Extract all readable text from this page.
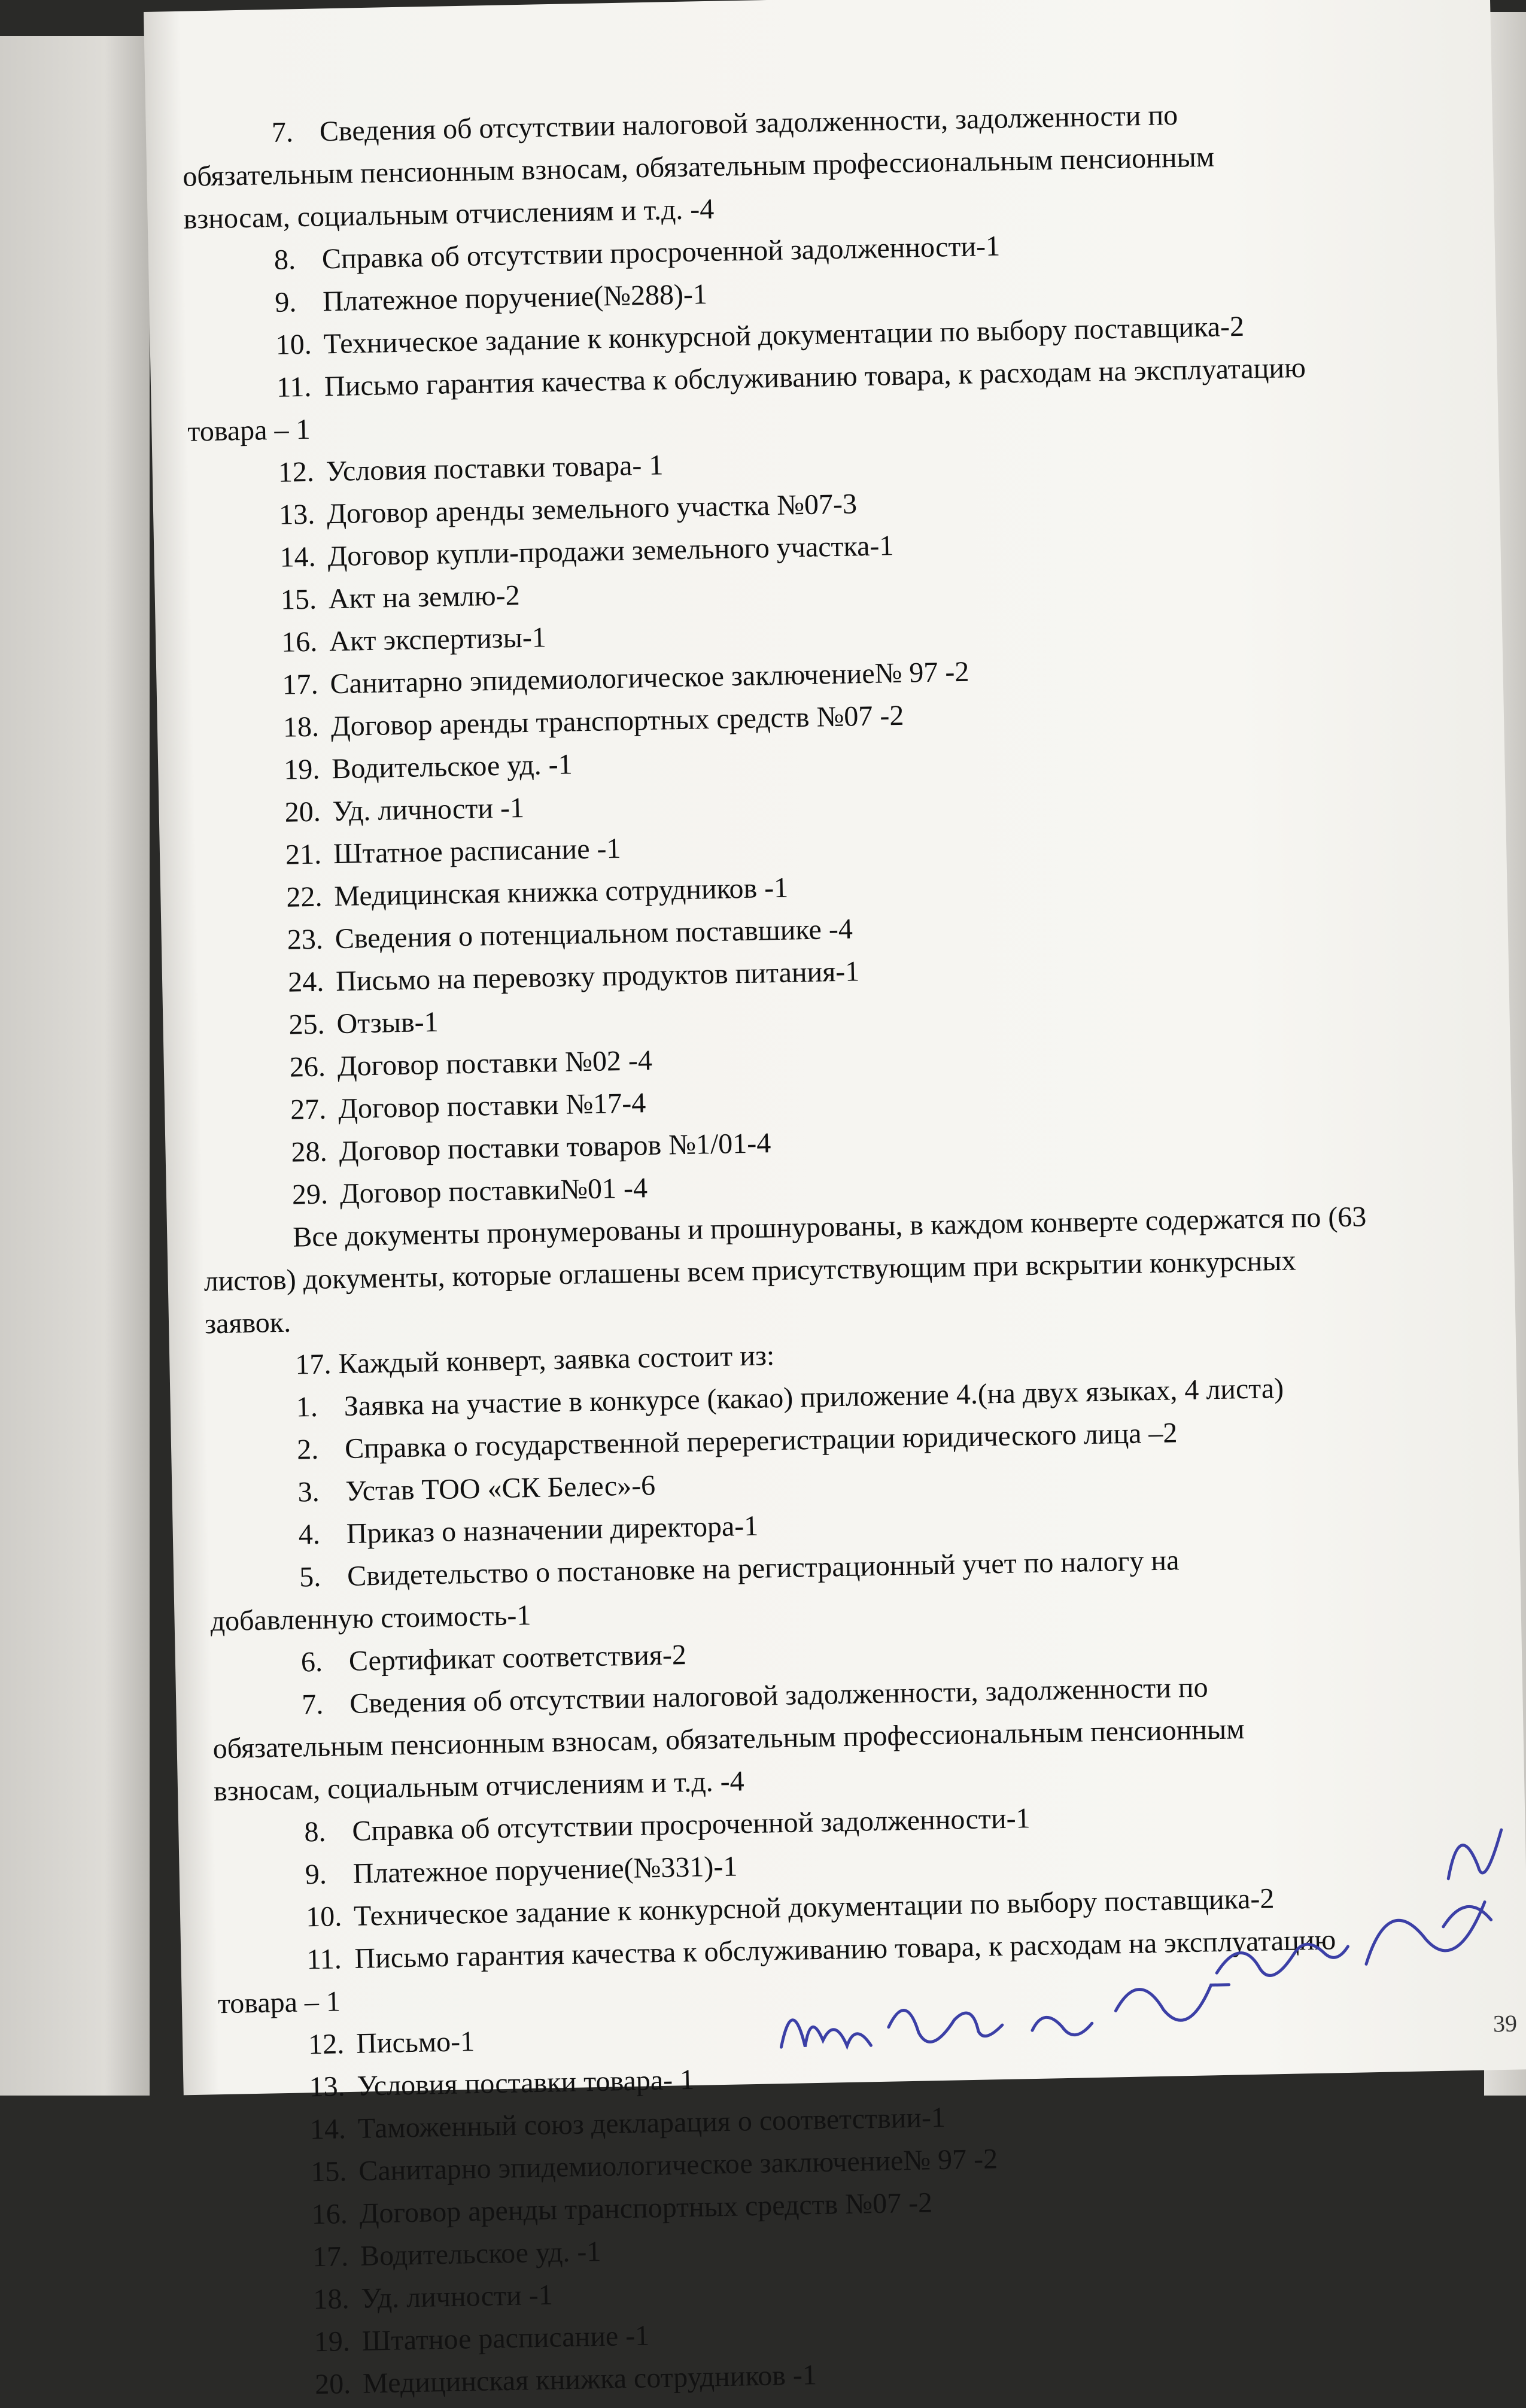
7. Сведения об отсутствии налоговой задолженности, задолженности по
обязательным пенсионным взносам, обязательным профессиональным пенсионным
взносам, социальным отчислениям и т.д. -4
8. Справка об отсутствии просроченной задолженности-1
9. Платежное поручение(№288)-1
10. Техническое задание к конкурсной документации по выбору поставщика-2
11. Письмо гарантия качества к обслуживанию товара, к расходам на эксплуатацию
товара – 1
12. Условия поставки товара- 1
13. Договор аренды земельного участка №07-3
14. Договор купли-продажи земельного участка-1
15. Акт на землю-2
16. Акт экспертизы-1
17. Санитарно эпидемиологическое заключение№ 97 -2
18. Договор аренды транспортных средств №07 -2
19. Водительское уд. -1
20. Уд. личности -1
21. Штатное расписание -1
22. Медицинская книжка сотрудников -1
23. Сведения о потенциальном поставшике -4
24. Письмо на перевозку продуктов питания-1
25. Отзыв-1
26. Договор поставки №02 -4
27. Договор поставки №17-4
28. Договор поставки товаров №1/01-4
29. Договор поставки№01 -4
Все документы пронумерованы и прошнурованы, в каждом конверте содержатся по (63
листов) документы, которые оглашены всем присутствующим при вскрытии конкурсных
заявок.
17. Каждый конверт, заявка состоит из:
1. Заявка на участие в конкурсе (какао) приложение 4.(на двух языках, 4 листа)
2. Справка о государственной перерегистрации юридического лица –2
3. Устав ТОО «СК Белес»-6
4. Приказ о назначении директора-1
5. Свидетельство о постановке на регистрационный учет по налогу на
добавленную стоимость-1
6. Сертификат соответствия-2
7. Сведения об отсутствии налоговой задолженности, задолженности по
обязательным пенсионным взносам, обязательным профессиональным пенсионным
взносам, социальным отчислениям и т.д. -4
8. Справка об отсутствии просроченной задолженности-1
9. Платежное поручение(№331)-1
10. Техническое задание к конкурсной документации по выбору поставщика-2
11. Письмо гарантия качества к обслуживанию товара, к расходам на эксплуатацию
товара – 1
12. Письмо-1
13. Условия поставки товара- 1
14. Таможенный союз декларация о соответствии-1
15. Санитарно эпидемиологическое заключение№ 97 -2
16. Договор аренды транспортных средств №07 -2
17. Водительское уд. -1
18. Уд. личности -1
19. Штатное расписание -1
20. Медицинская книжка сотрудников -1
39
